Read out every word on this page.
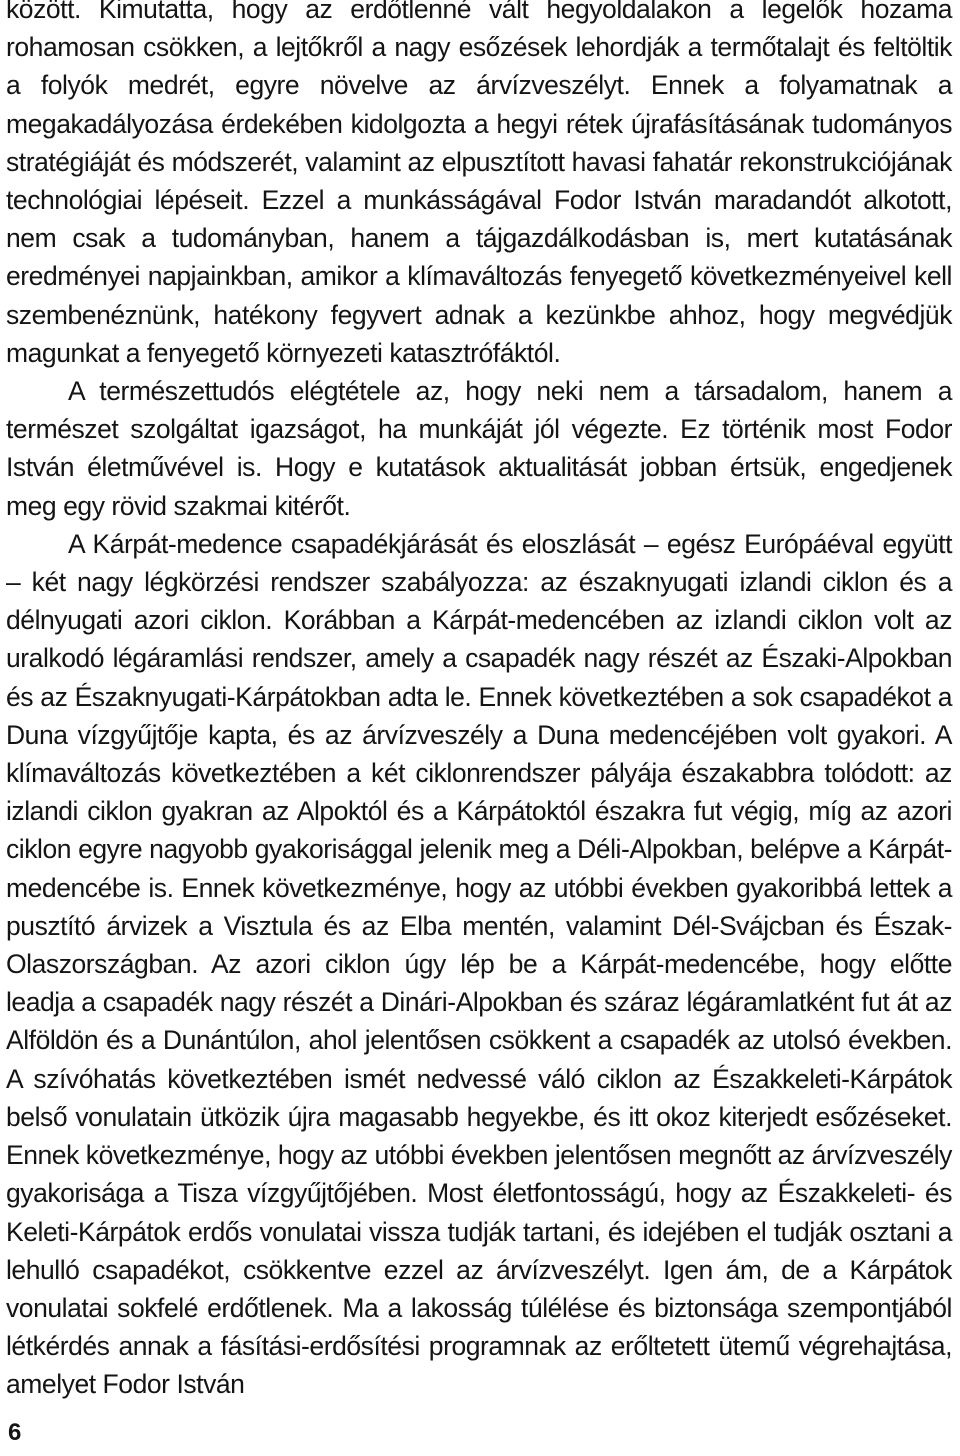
között. Kimutatta, hogy az erdőtlenné vált hegyoldalakon a legelők hozama rohamosan csökken, a lejtőkről a nagy esőzések lehordják a termőtalajt és feltöltik a folyók medrét, egyre növelve az árvízveszélyt. Ennek a folyamatnak a megakadályozása érdekében kidolgozta a hegyi rétek újrafásításának tudományos stratégiáját és módszerét, valamint az elpusztított havasi fahatár rekonstrukciójának technológiai lépéseit. Ezzel a munkásságával Fodor István maradandót alkotott, nem csak a tudományban, hanem a tájgazdálkodásban is, mert kutatásának eredményei napjainkban, amikor a klímaváltozás fenyegető következményeivel kell szembenéznünk, hatékony fegyvert adnak a kezünkbe ahhoz, hogy megvédjük magunkat a fenyegető környezeti katasztrófáktól.

A természettudós elégtétele az, hogy neki nem a társadalom, hanem a természet szolgáltat igazságot, ha munkáját jól végezte. Ez történik most Fodor István életművével is. Hogy e kutatások aktualitását jobban értsük, engedjenek meg egy rövid szakmai kitérőt.

A Kárpát-medence csapadékjárását és eloszlását – egész Európáéval együtt – két nagy légkörzési rendszer szabályozza: az északnyugati izlandi ciklon és a délnyugati azori ciklon. Korábban a Kárpát-medencében az izlandi ciklon volt az uralkodó légáramlási rendszer, amely a csapadék nagy részét az Északi-Alpokban és az Északnyugati-Kárpátokban adta le. Ennek következtében a sok csapadékot a Duna vízgyűjtője kapta, és az árvízveszély a Duna medencéjében volt gyakori. A klímaváltozás következtében a két ciklonrendszer pályája északabbra tolódott: az izlandi ciklon gyakran az Alpoktól és a Kárpátoktól északra fut végig, míg az azori ciklon egyre nagyobb gyakorisággal jelenik meg a Déli-Alpokban, belépve a Kárpát-medencébe is. Ennek következménye, hogy az utóbbi években gyakoribbá lettek a pusztító árvizek a Visztula és az Elba mentén, valamint Dél-Svájcban és Észak-Olaszországban. Az azori ciklon úgy lép be a Kárpát-medencébe, hogy előtte leadja a csapadék nagy részét a Dinári-Alpokban és száraz légáramlatként fut át az Alföldön és a Dunántúlon, ahol jelentősen csökkent a csapadék az utolsó években. A szívóhatás következtében ismét nedvessé váló ciklon az Északkeleti-Kárpátok belső vonulatain ütközik újra magasabb hegyekbe, és itt okoz kiterjedt esőzéseket. Ennek következménye, hogy az utóbbi években jelentősen megnőtt az árvízveszély gyakorisága a Tisza vízgyűjtőjében. Most életfontosságú, hogy az Északkeleti- és Keleti-Kárpátok erdős vonulatai vissza tudják tartani, és idejében el tudják osztani a lehulló csapadékot, csökkentve ezzel az árvízveszélyt. Igen ám, de a Kárpátok vonulatai sokfelé erdőtlenek. Ma a lakosság túlélése és biztonsága szempontjából létkérdés annak a fásítási-erdősítési programnak az erőltetett ütemű végrehajtása, amelyet Fodor István

6
